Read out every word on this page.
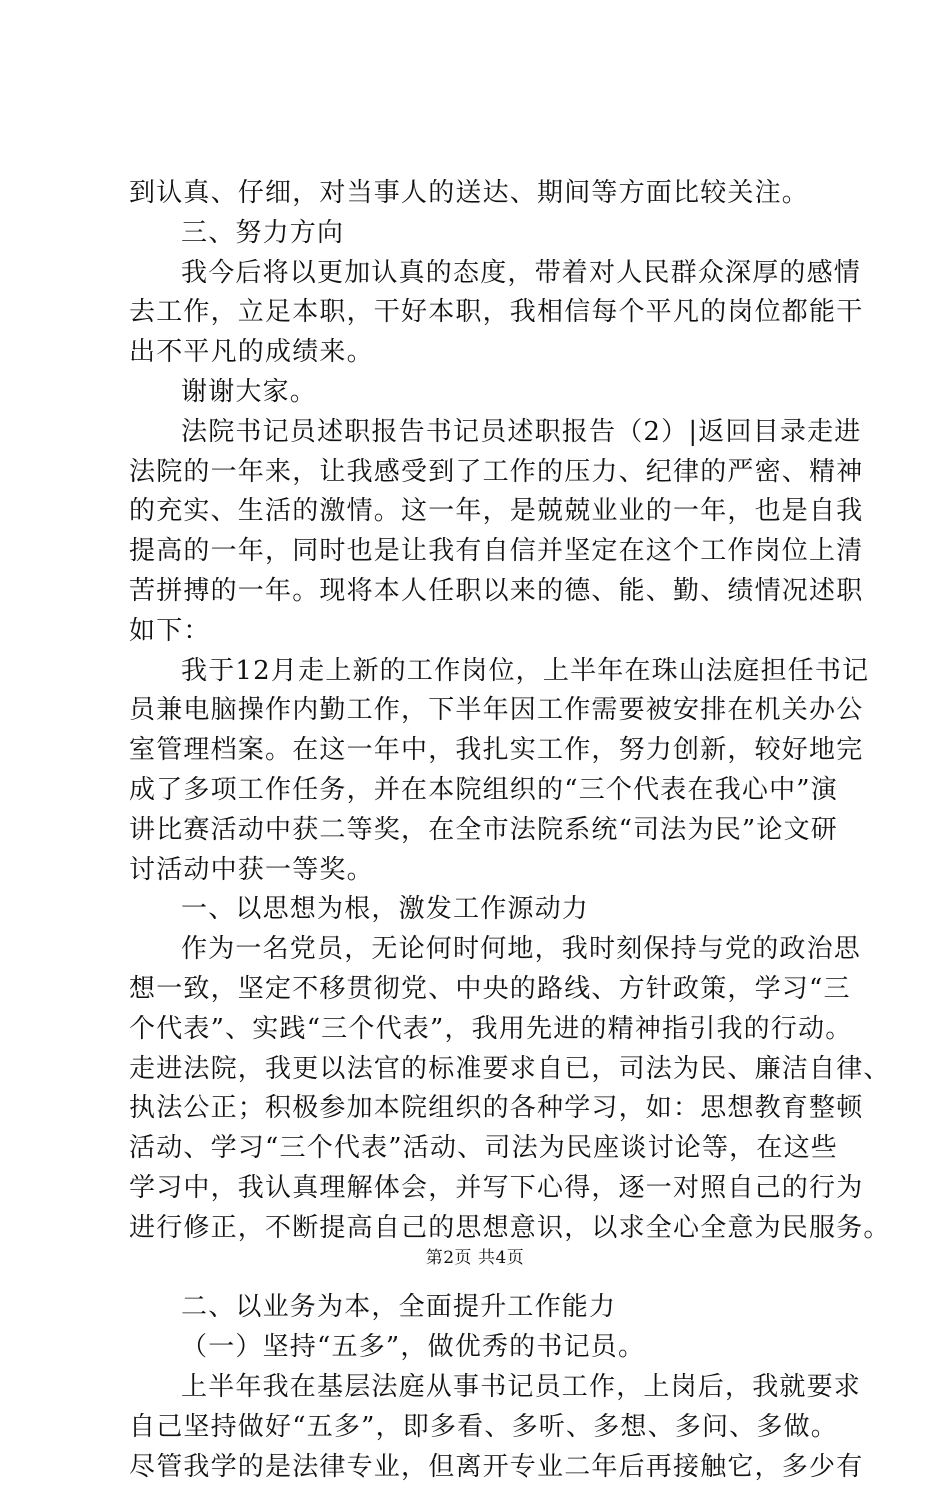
到认真、仔细，对当事人的送达、期间等方面比较关注。
三、努力方向
我今后将以更加认真的态度，带着对人民群众深厚的感情
去工作，立足本职，干好本职，我相信每个平凡的岗位都能干
出不平凡的成绩来。
谢谢大家。
法院书记员述职报告书记员述职报告（2）|返回目录走进
法院的一年来，让我感受到了工作的压力、纪律的严密、精神
的充实、生活的激情。这一年，是兢兢业业的一年，也是自我
提高的一年，同时也是让我有自信并坚定在这个工作岗位上清
苦拼搏的一年。现将本人任职以来的德、能、勤、绩情况述职
如下：
我于12月走上新的工作岗位，上半年在珠山法庭担任书记
员兼电脑操作内勤工作，下半年因工作需要被安排在机关办公
室管理档案。在这一年中，我扎实工作，努力创新，较好地完
成了多项工作任务，并在本院组织的“三个代表在我心中”演
讲比赛活动中获二等奖，在全市法院系统“司法为民”论文研
讨活动中获一等奖。
一、以思想为根，激发工作源动力
作为一名党员，无论何时何地，我时刻保持与党的政治思
想一致，坚定不移贯彻党、中央的路线、方针政策，学习“三
个代表”、实践“三个代表”，我用先进的精神指引我的行动。
走进法院，我更以法官的标准要求自已，司法为民、廉洁自律、
执法公正；积极参加本院组织的各种学习，如：思想教育整顿
活动、学习“三个代表”活动、司法为民座谈讨论等，在这些
学习中，我认真理解体会，并写下心得，逐一对照自己的行为
进行修正，不断提高自己的思想意识，以求全心全意为民服务。
二、以业务为本，全面提升工作能力
（一）坚持“五多”，做优秀的书记员。
上半年我在基层法庭从事书记员工作，上岗后，我就要求
自己坚持做好“五多”，即多看、多听、多想、多问、多做。
尽管我学的是法律专业，但离开专业二年后再接触它，多少有
第2页 共4页
